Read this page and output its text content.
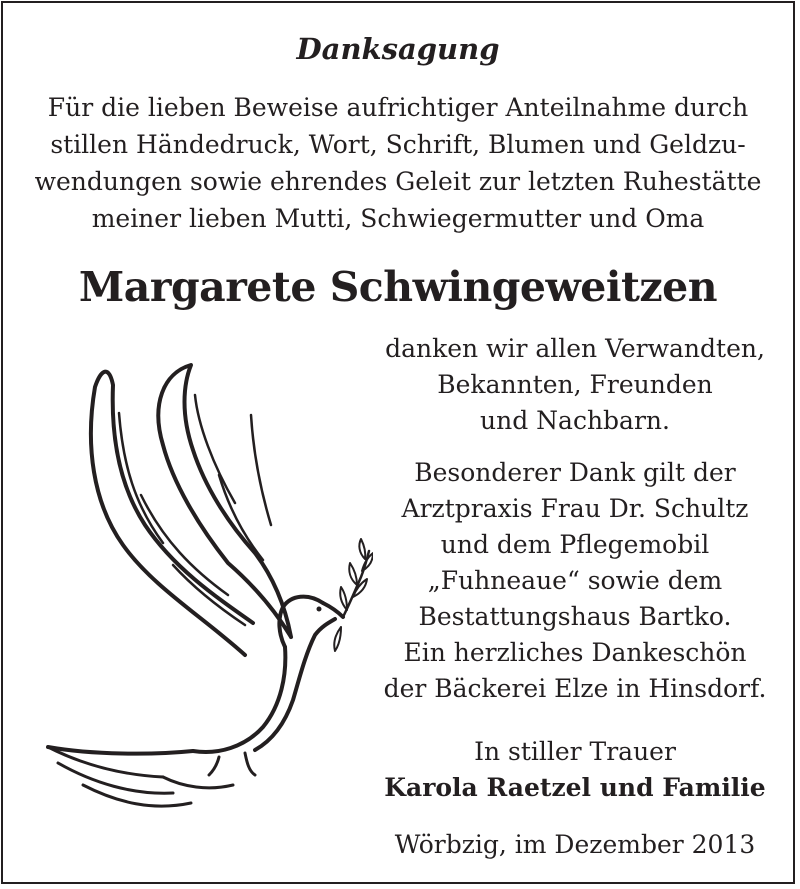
Danksagung
Für die lieben Beweise aufrichtiger Anteilnahme durch
stillen Händedruck, Wort, Schrift, Blumen und Geldzu-
wendungen sowie ehrendes Geleit zur letzten Ruhestätte
meiner lieben Mutti, Schwiegermutter und Oma
Margarete Schwingeweitzen
danken wir allen Verwandten,
Bekannten, Freunden
und Nachbarn.
Besonderer Dank gilt der
Arztpraxis Frau Dr. Schultz
und dem Pflegemobil
„Fuhneaue“ sowie dem
Bestattungshaus Bartko.
Ein herzliches Dankeschön
der Bäckerei Elze in Hinsdorf.
In stiller Trauer
Karola Raetzel und Familie
Wörbzig, im Dezember 2013
